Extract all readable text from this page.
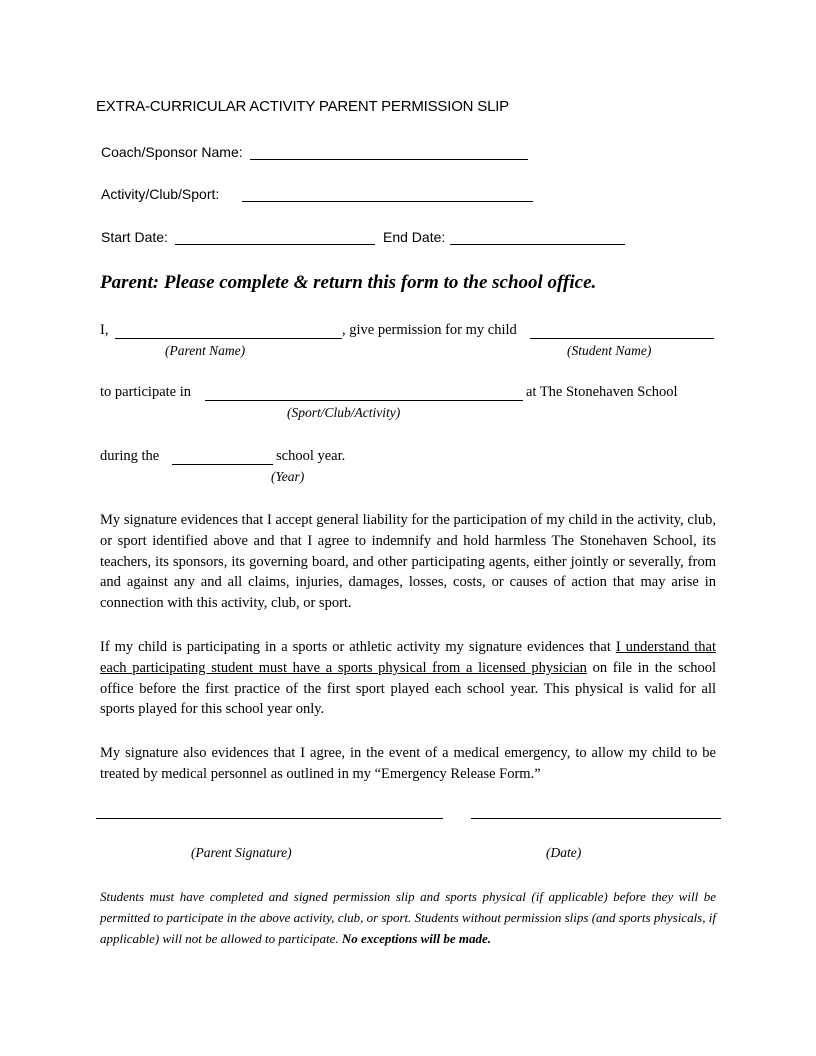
EXTRA-CURRICULAR ACTIVITY PARENT PERMISSION SLIP
Coach/Sponsor Name:
Activity/Club/Sport:
Start Date:	End Date:
Parent: Please complete & return this form to the school office.
I,	, give permission for my child
(Parent Name)	(Student Name)
to participate in	at The Stonehaven School
(Sport/Club/Activity)
during the	school year.
(Year)

My signature evidences that I accept general liability for the participation of my child in the activity, club, or sport identified above and that I agree to indemnify and hold harmless The Stonehaven School, its teachers, its sponsors, its governing board, and other participating agents, either jointly or severally, from and against any and all claims, injuries, damages, losses, costs, or causes of action that may arise in connection with this activity, club, or sport.

If my child is participating in a sports or athletic activity my signature evidences that I understand that each participating student must have a sports physical from a licensed physician on file in the school office before the first practice of the first sport played each school year. This physical is valid for all sports played for this school year only.

My signature also evidences that I agree, in the event of a medical emergency, to allow my child to be treated by medical personnel as outlined in my “Emergency Release Form.”

(Parent Signature)	(Date)

Students must have completed and signed permission slip and sports physical (if applicable) before they will be permitted to participate in the above activity, club, or sport. Students without permission slips (and sports physicals, if applicable) will not be allowed to participate. No exceptions will be made.
